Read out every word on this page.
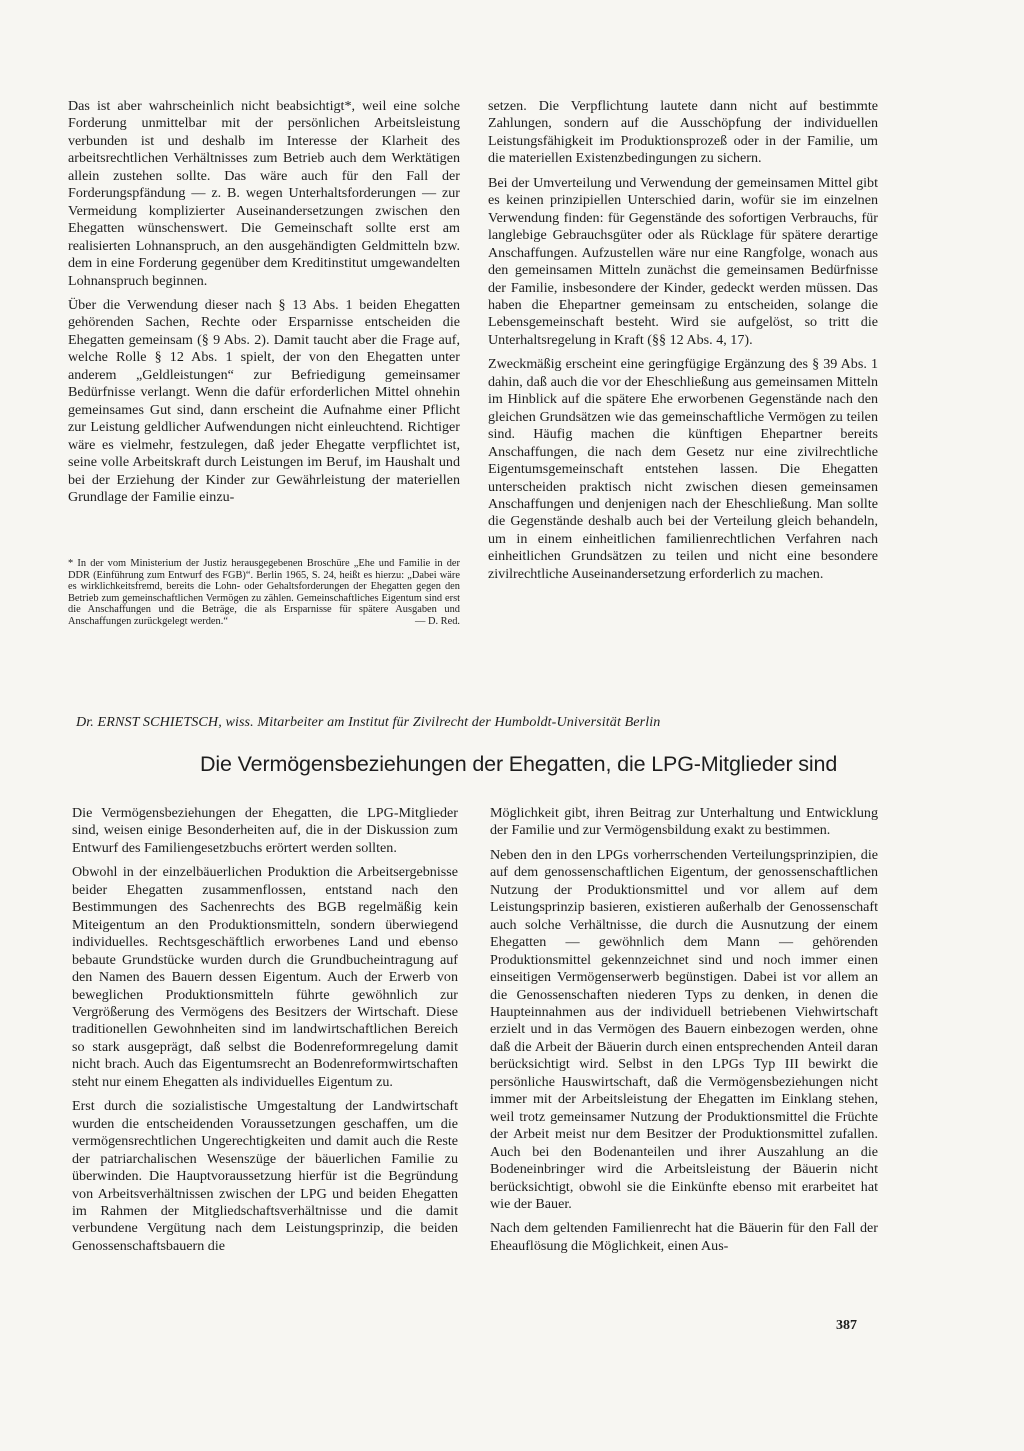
Das ist aber wahrscheinlich nicht beabsichtigt*, weil eine solche Forderung unmittelbar mit der persönlichen Arbeitsleistung verbunden ist und deshalb im Interesse der Klarheit des arbeitsrechtlichen Verhältnisses zum Betrieb auch dem Werktätigen allein zustehen sollte. Das wäre auch für den Fall der Forderungspfändung — z. B. wegen Unterhaltsforderungen — zur Vermeidung komplizierter Auseinandersetzungen zwischen den Ehegatten wünschenswert. Die Gemeinschaft sollte erst am realisierten Lohnanspruch, an den ausgehändigten Geldmitteln bzw. dem in eine Forderung gegenüber dem Kreditinstitut umgewandelten Lohnanspruch beginnen.

Über die Verwendung dieser nach § 13 Abs. 1 beiden Ehegatten gehörenden Sachen, Rechte oder Ersparnisse entscheiden die Ehegatten gemeinsam (§ 9 Abs. 2). Damit taucht aber die Frage auf, welche Rolle § 12 Abs. 1 spielt, der von den Ehegatten unter anderem „Geldleistungen“ zur Befriedigung gemeinsamer Bedürfnisse verlangt. Wenn die dafür erforderlichen Mittel ohnehin gemeinsames Gut sind, dann erscheint die Aufnahme einer Pflicht zur Leistung geldlicher Aufwendungen nicht einleuchtend. Richtiger wäre es vielmehr, festzulegen, daß jeder Ehegatte verpflichtet ist, seine volle Arbeitskraft durch Leistungen im Beruf, im Haushalt und bei der Erziehung der Kinder zur Gewährleistung der materiellen Grundlage der Familie einzu-

* In der vom Ministerium der Justiz herausgegebenen Broschüre „Ehe und Familie in der DDR (Einführung zum Entwurf des FGB)“. Berlin 1965, S. 24, heißt es hierzu: „Dabei wäre es wirklichkeitsfremd, bereits die Lohn- oder Gehaltsforderungen der Ehegatten gegen den Betrieb zum gemeinschaftlichen Vermögen zu zählen. Gemeinschaftliches Eigentum sind erst die Anschaffungen und die Beträge, die als Ersparnisse für spätere Ausgaben und Anschaffungen zurückgelegt werden.“	— D. Red.

setzen. Die Verpflichtung lautete dann nicht auf bestimmte Zahlungen, sondern auf die Ausschöpfung der individuellen Leistungsfähigkeit im Produktionsprozeß oder in der Familie, um die materiellen Existenzbedingungen zu sichern.

Bei der Umverteilung und Verwendung der gemeinsamen Mittel gibt es keinen prinzipiellen Unterschied darin, wofür sie im einzelnen Verwendung finden: für Gegenstände des sofortigen Verbrauchs, für langlebige Gebrauchsgüter oder als Rücklage für spätere derartige Anschaffungen. Aufzustellen wäre nur eine Rangfolge, wonach aus den gemeinsamen Mitteln zunächst die gemeinsamen Bedürfnisse der Familie, insbesondere der Kinder, gedeckt werden müssen. Das haben die Ehepartner gemeinsam zu entscheiden, solange die Lebensgemeinschaft besteht. Wird sie aufgelöst, so tritt die Unterhaltsregelung in Kraft (§§ 12 Abs. 4, 17).

Zweckmäßig erscheint eine geringfügige Ergänzung des § 39 Abs. 1 dahin, daß auch die vor der Eheschließung aus gemeinsamen Mitteln im Hinblick auf die spätere Ehe erworbenen Gegenstände nach den gleichen Grundsätzen wie das gemeinschaftliche Vermögen zu teilen sind. Häufig machen die künftigen Ehepartner bereits Anschaffungen, die nach dem Gesetz nur eine zivilrechtliche Eigentumsgemeinschaft entstehen lassen. Die Ehegatten unterscheiden praktisch nicht zwischen diesen gemeinsamen Anschaffungen und denjenigen nach der Eheschließung. Man sollte die Gegenstände deshalb auch bei der Verteilung gleich behandeln, um in einem einheitlichen familienrechtlichen Verfahren nach einheitlichen Grundsätzen zu teilen und nicht eine besondere zivilrechtliche Auseinandersetzung erforderlich zu machen.

Dr. ERNST SCHIETSCH, wiss. Mitarbeiter am Institut für Zivilrecht der Humboldt-Universität Berlin
Die Vermögensbeziehungen der Ehegatten, die LPG-Mitglieder sind

Die Vermögensbeziehungen der Ehegatten, die LPG-Mitglieder sind, weisen einige Besonderheiten auf, die in der Diskussion zum Entwurf des Familiengesetzbuchs erörtert werden sollten.

Obwohl in der einzelbäuerlichen Produktion die Arbeitsergebnisse beider Ehegatten zusammenflossen, entstand nach den Bestimmungen des Sachenrechts des BGB regelmäßig kein Miteigentum an den Produktionsmitteln, sondern überwiegend individuelles. Rechtsgeschäftlich erworbenes Land und ebenso bebaute Grundstücke wurden durch die Grundbucheintragung auf den Namen des Bauern dessen Eigentum. Auch der Erwerb von beweglichen Produktionsmitteln führte gewöhnlich zur Vergrößerung des Vermögens des Besitzers der Wirtschaft. Diese traditionellen Gewohnheiten sind im landwirtschaftlichen Bereich so stark ausgeprägt, daß selbst die Bodenreformregelung damit nicht brach. Auch das Eigentumsrecht an Bodenreformwirtschaften steht nur einem Ehegatten als individuelles Eigentum zu.

Erst durch die sozialistische Umgestaltung der Landwirtschaft wurden die entscheidenden Voraussetzungen geschaffen, um die vermögensrechtlichen Ungerechtigkeiten und damit auch die Reste der patriarchalischen Wesenszüge der bäuerlichen Familie zu überwinden. Die Hauptvoraussetzung hierfür ist die Begründung von Arbeitsverhältnissen zwischen der LPG und beiden Ehegatten im Rahmen der Mitgliedschaftsverhältnisse und die damit verbundene Vergütung nach dem Leistungsprinzip, die beiden Genossenschaftsbauern die

Möglichkeit gibt, ihren Beitrag zur Unterhaltung und Entwicklung der Familie und zur Vermögensbildung exakt zu bestimmen.

Neben den in den LPGs vorherrschenden Verteilungsprinzipien, die auf dem genossenschaftlichen Eigentum, der genossenschaftlichen Nutzung der Produktionsmittel und vor allem auf dem Leistungsprinzip basieren, existieren außerhalb der Genossenschaft auch solche Verhältnisse, die durch die Ausnutzung der einem Ehegatten — gewöhnlich dem Mann — gehörenden Produktionsmittel gekennzeichnet sind und noch immer einen einseitigen Vermögenserwerb begünstigen. Dabei ist vor allem an die Genossenschaften niederen Typs zu denken, in denen die Haupteinnahmen aus der individuell betriebenen Viehwirtschaft erzielt und in das Vermögen des Bauern einbezogen werden, ohne daß die Arbeit der Bäuerin durch einen entsprechenden Anteil daran berücksichtigt wird. Selbst in den LPGs Typ III bewirkt die persönliche Hauswirtschaft, daß die Vermögensbeziehungen nicht immer mit der Arbeitsleistung der Ehegatten im Einklang stehen, weil trotz gemeinsamer Nutzung der Produktionsmittel die Früchte der Arbeit meist nur dem Besitzer der Produktionsmittel zufallen. Auch bei den Bodenanteilen und ihrer Auszahlung an die Bodeneinbringer wird die Arbeitsleistung der Bäuerin nicht berücksichtigt, obwohl sie die Einkünfte ebenso mit erarbeitet hat wie der Bauer.

Nach dem geltenden Familienrecht hat die Bäuerin für den Fall der Eheauflösung die Möglichkeit, einen Aus-

387
